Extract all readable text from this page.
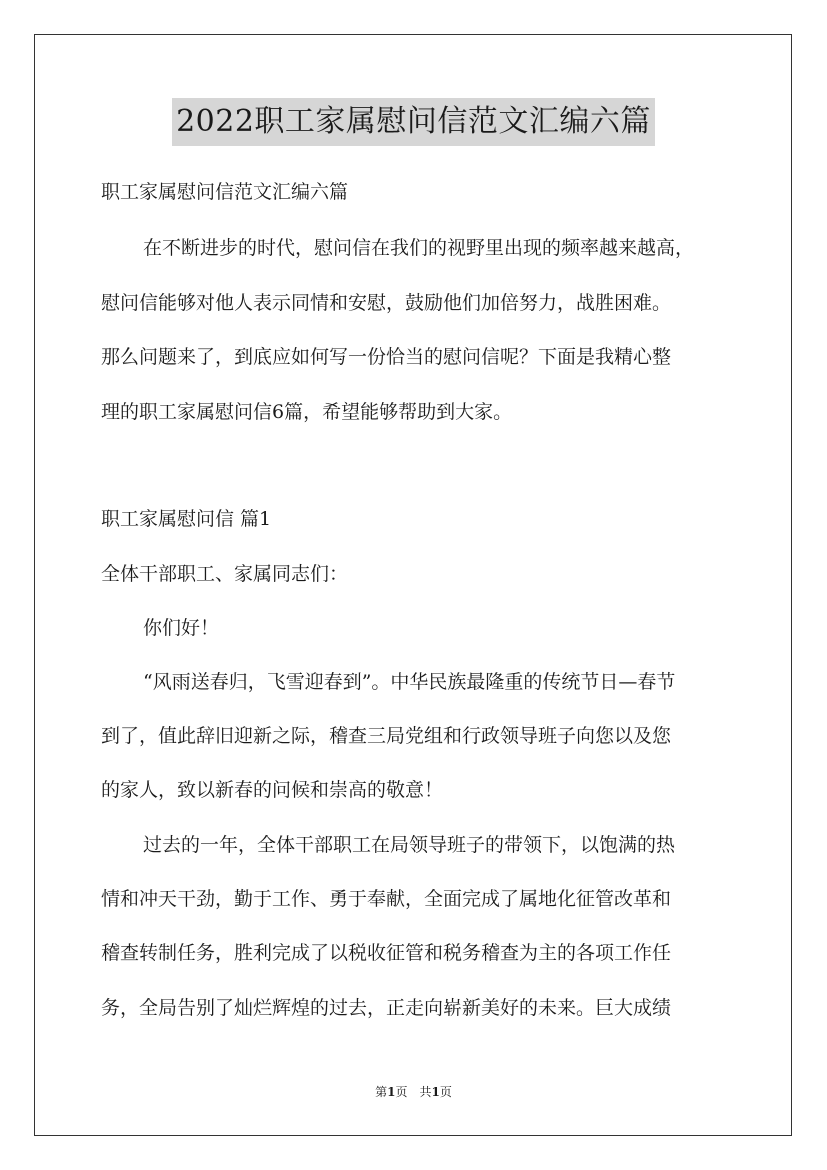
2022职工家属慰问信范文汇编六篇
职工家属慰问信范文汇编六篇
在不断进步的时代，慰问信在我们的视野里出现的频率越来越高，
慰问信能够对他人表示同情和安慰，鼓励他们加倍努力，战胜困难。
那么问题来了，到底应如何写一份恰当的慰问信呢？下面是我精心整
理的职工家属慰问信6篇，希望能够帮助到大家。
职工家属慰问信 篇1
全体干部职工、家属同志们：
你们好！
“风雨送春归，飞雪迎春到”。中华民族最隆重的传统节日—春节
到了，值此辞旧迎新之际，稽查三局党组和行政领导班子向您以及您
的家人，致以新春的问候和崇高的敬意！
过去的一年，全体干部职工在局领导班子的带领下，以饱满的热
情和冲天干劲，勤于工作、勇于奉献，全面完成了属地化征管改革和
稽查转制任务，胜利完成了以税收征管和税务稽查为主的各项工作任
务，全局告别了灿烂辉煌的过去，正走向崭新美好的未来。巨大成绩
第1页 共1页
